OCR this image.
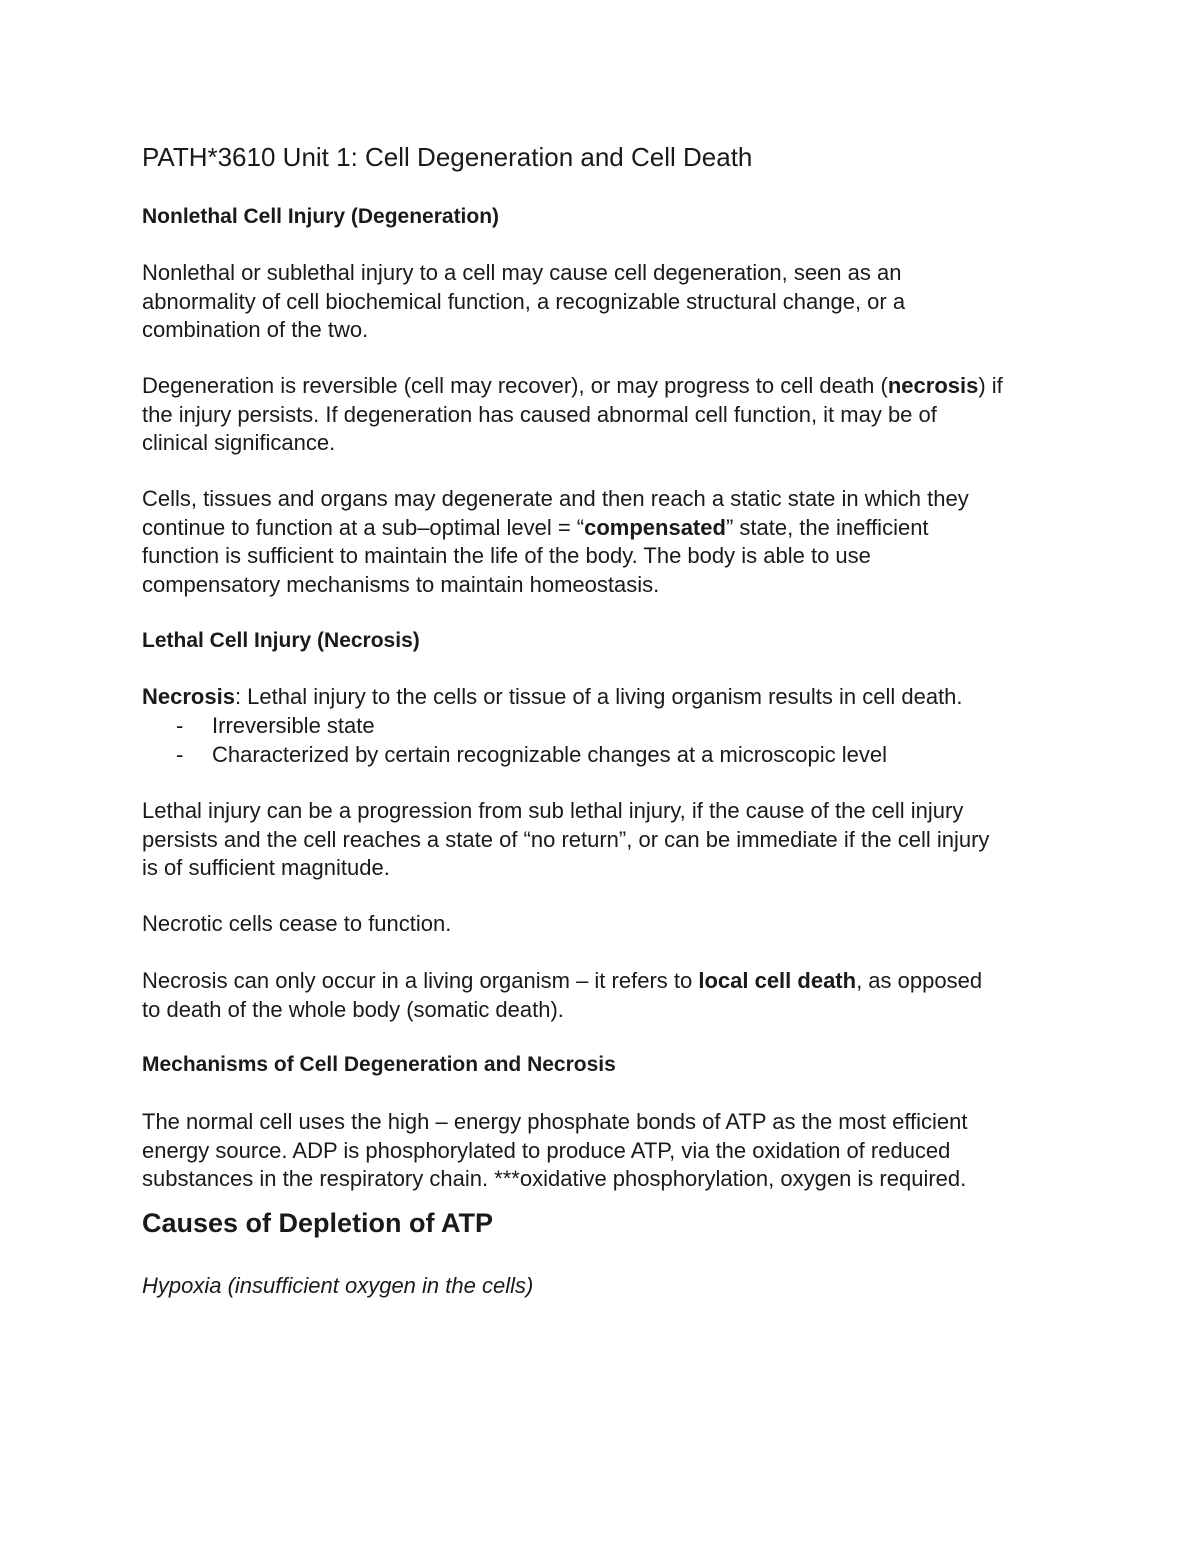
PATH*3610 Unit 1: Cell Degeneration and Cell Death
Nonlethal Cell Injury (Degeneration)

Nonlethal or sublethal injury to a cell may cause cell degeneration, seen as an
abnormality of cell biochemical function, a recognizable structural change, or a
combination of the two.

Degeneration is reversible (cell may recover), or may progress to cell death (necrosis) if
the injury persists. If degeneration has caused abnormal cell function, it may be of
clinical significance.

Cells, tissues and organs may degenerate and then reach a static state in which they
continue to function at a sub–optimal level = “compensated” state, the inefficient
function is sufficient to maintain the life of the body. The body is able to use
compensatory mechanisms to maintain homeostasis.

Lethal Cell Injury (Necrosis)

Necrosis: Lethal injury to the cells or tissue of a living organism results in cell death.

- Irreversible state
- Characterized by certain recognizable changes at a microscopic level

Lethal injury can be a progression from sub lethal injury, if the cause of the cell injury
persists and the cell reaches a state of “no return”, or can be immediate if the cell injury
is of sufficient magnitude.

Necrotic cells cease to function.

Necrosis can only occur in a living organism – it refers to local cell death, as opposed
to death of the whole body (somatic death).

Mechanisms of Cell Degeneration and Necrosis

The normal cell uses the high – energy phosphate bonds of ATP as the most efficient
energy source. ADP is phosphorylated to produce ATP, via the oxidation of reduced
substances in the respiratory chain. ***oxidative phosphorylation, oxygen is required.

Causes of Depletion of ATP

Hypoxia (insufficient oxygen in the cells)
